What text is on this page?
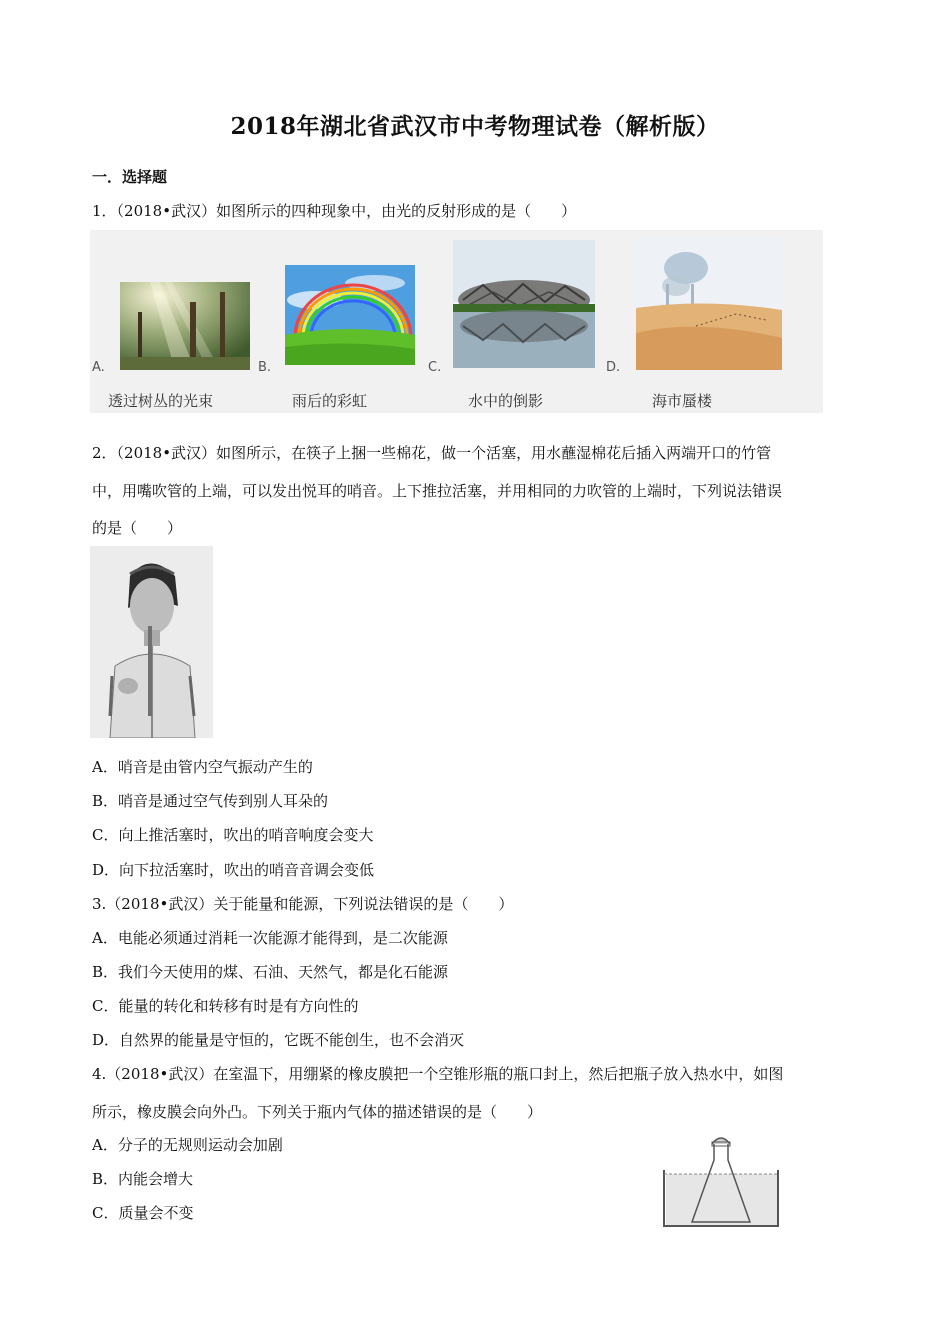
2018年湖北省武汉市中考物理试卷（解析版）
一．选择题
1．（2018•武汉）如图所示的四种现象中，由光的反射形成的是（　　）
A.
透过树丛的光束
B.
雨后的彩虹
C.
水中的倒影
D.
海市蜃楼
2．（2018•武汉）如图所示，在筷子上捆一些棉花，做一个活塞，用水蘸湿棉花后插入两端开口的竹管
中，用嘴吹管的上端，可以发出悦耳的哨音。上下推拉活塞，并用相同的力吹管的上端时，下列说法错误
的是（　　）
A．哨音是由管内空气振动产生的
B．哨音是通过空气传到别人耳朵的
C．向上推活塞时，吹出的哨音响度会变大
D．向下拉活塞时，吹出的哨音音调会变低
3.（2018•武汉）关于能量和能源，下列说法错误的是（　　）
A．电能必须通过消耗一次能源才能得到，是二次能源
B．我们今天使用的煤、石油、天然气，都是化石能源
C．能量的转化和转移有时是有方向性的
D．自然界的能量是守恒的，它既不能创生，也不会消灭
4.（2018•武汉）在室温下，用绷紧的橡皮膜把一个空锥形瓶的瓶口封上，然后把瓶子放入热水中，如图
所示，橡皮膜会向外凸。下列关于瓶内气体的描述错误的是（　　）
A．分子的无规则运动会加剧
B．内能会增大
C．质量会不变
